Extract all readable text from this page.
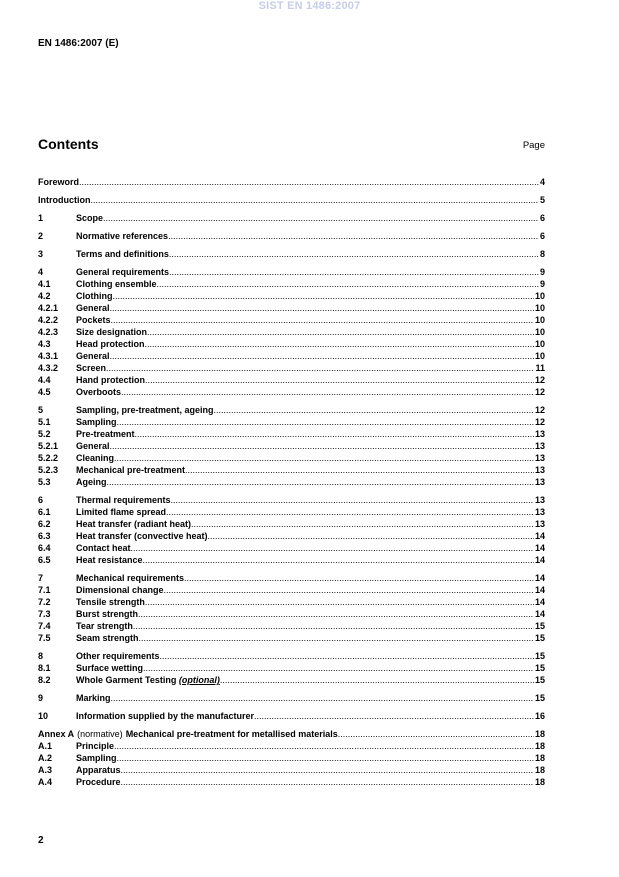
SIST EN 1486:2007
EN 1486:2007 (E)
Contents	Page
Foreword .....	4
Introduction .....	5
1	Scope .....	6
2	Normative references .....	6
3	Terms and definitions .....	8
4	General requirements .....	9
4.1	Clothing ensemble .....	9
4.2	Clothing .....	10
4.2.1	General .....	10
4.2.2	Pockets .....	10
4.2.3	Size designation .....	10
4.3	Head protection .....	10
4.3.1	General .....	10
4.3.2	Screen .....	11
4.4	Hand protection .....	12
4.5	Overboots .....	12
5	Sampling, pre-treatment, ageing .....	12
5.1	Sampling .....	12
5.2	Pre-treatment .....	13
5.2.1	General .....	13
5.2.2	Cleaning .....	13
5.2.3	Mechanical pre-treatment .....	13
5.3	Ageing .....	13
6	Thermal requirements .....	13
6.1	Limited flame spread .....	13
6.2	Heat transfer (radiant heat) .....	13
6.3	Heat transfer (convective heat) .....	14
6.4	Contact heat .....	14
6.5	Heat resistance .....	14
7	Mechanical requirements .....	14
7.1	Dimensional change .....	14
7.2	Tensile strength .....	14
7.3	Burst strength .....	14
7.4	Tear strength .....	15
7.5	Seam strength .....	15
8	Other requirements .....	15
8.1	Surface wetting .....	15
8.2	Whole Garment Testing
(optional) .....	15
9	Marking .....	15
10	Information supplied by the manufacturer .....	16
Annex A (normative) Mechanical pre-treatment for metallised materials .....	18
A.1	Principle .....	18
A.2	Sampling .....	18
A.3	Apparatus .....	18
A.4	Procedure .....	18
2
